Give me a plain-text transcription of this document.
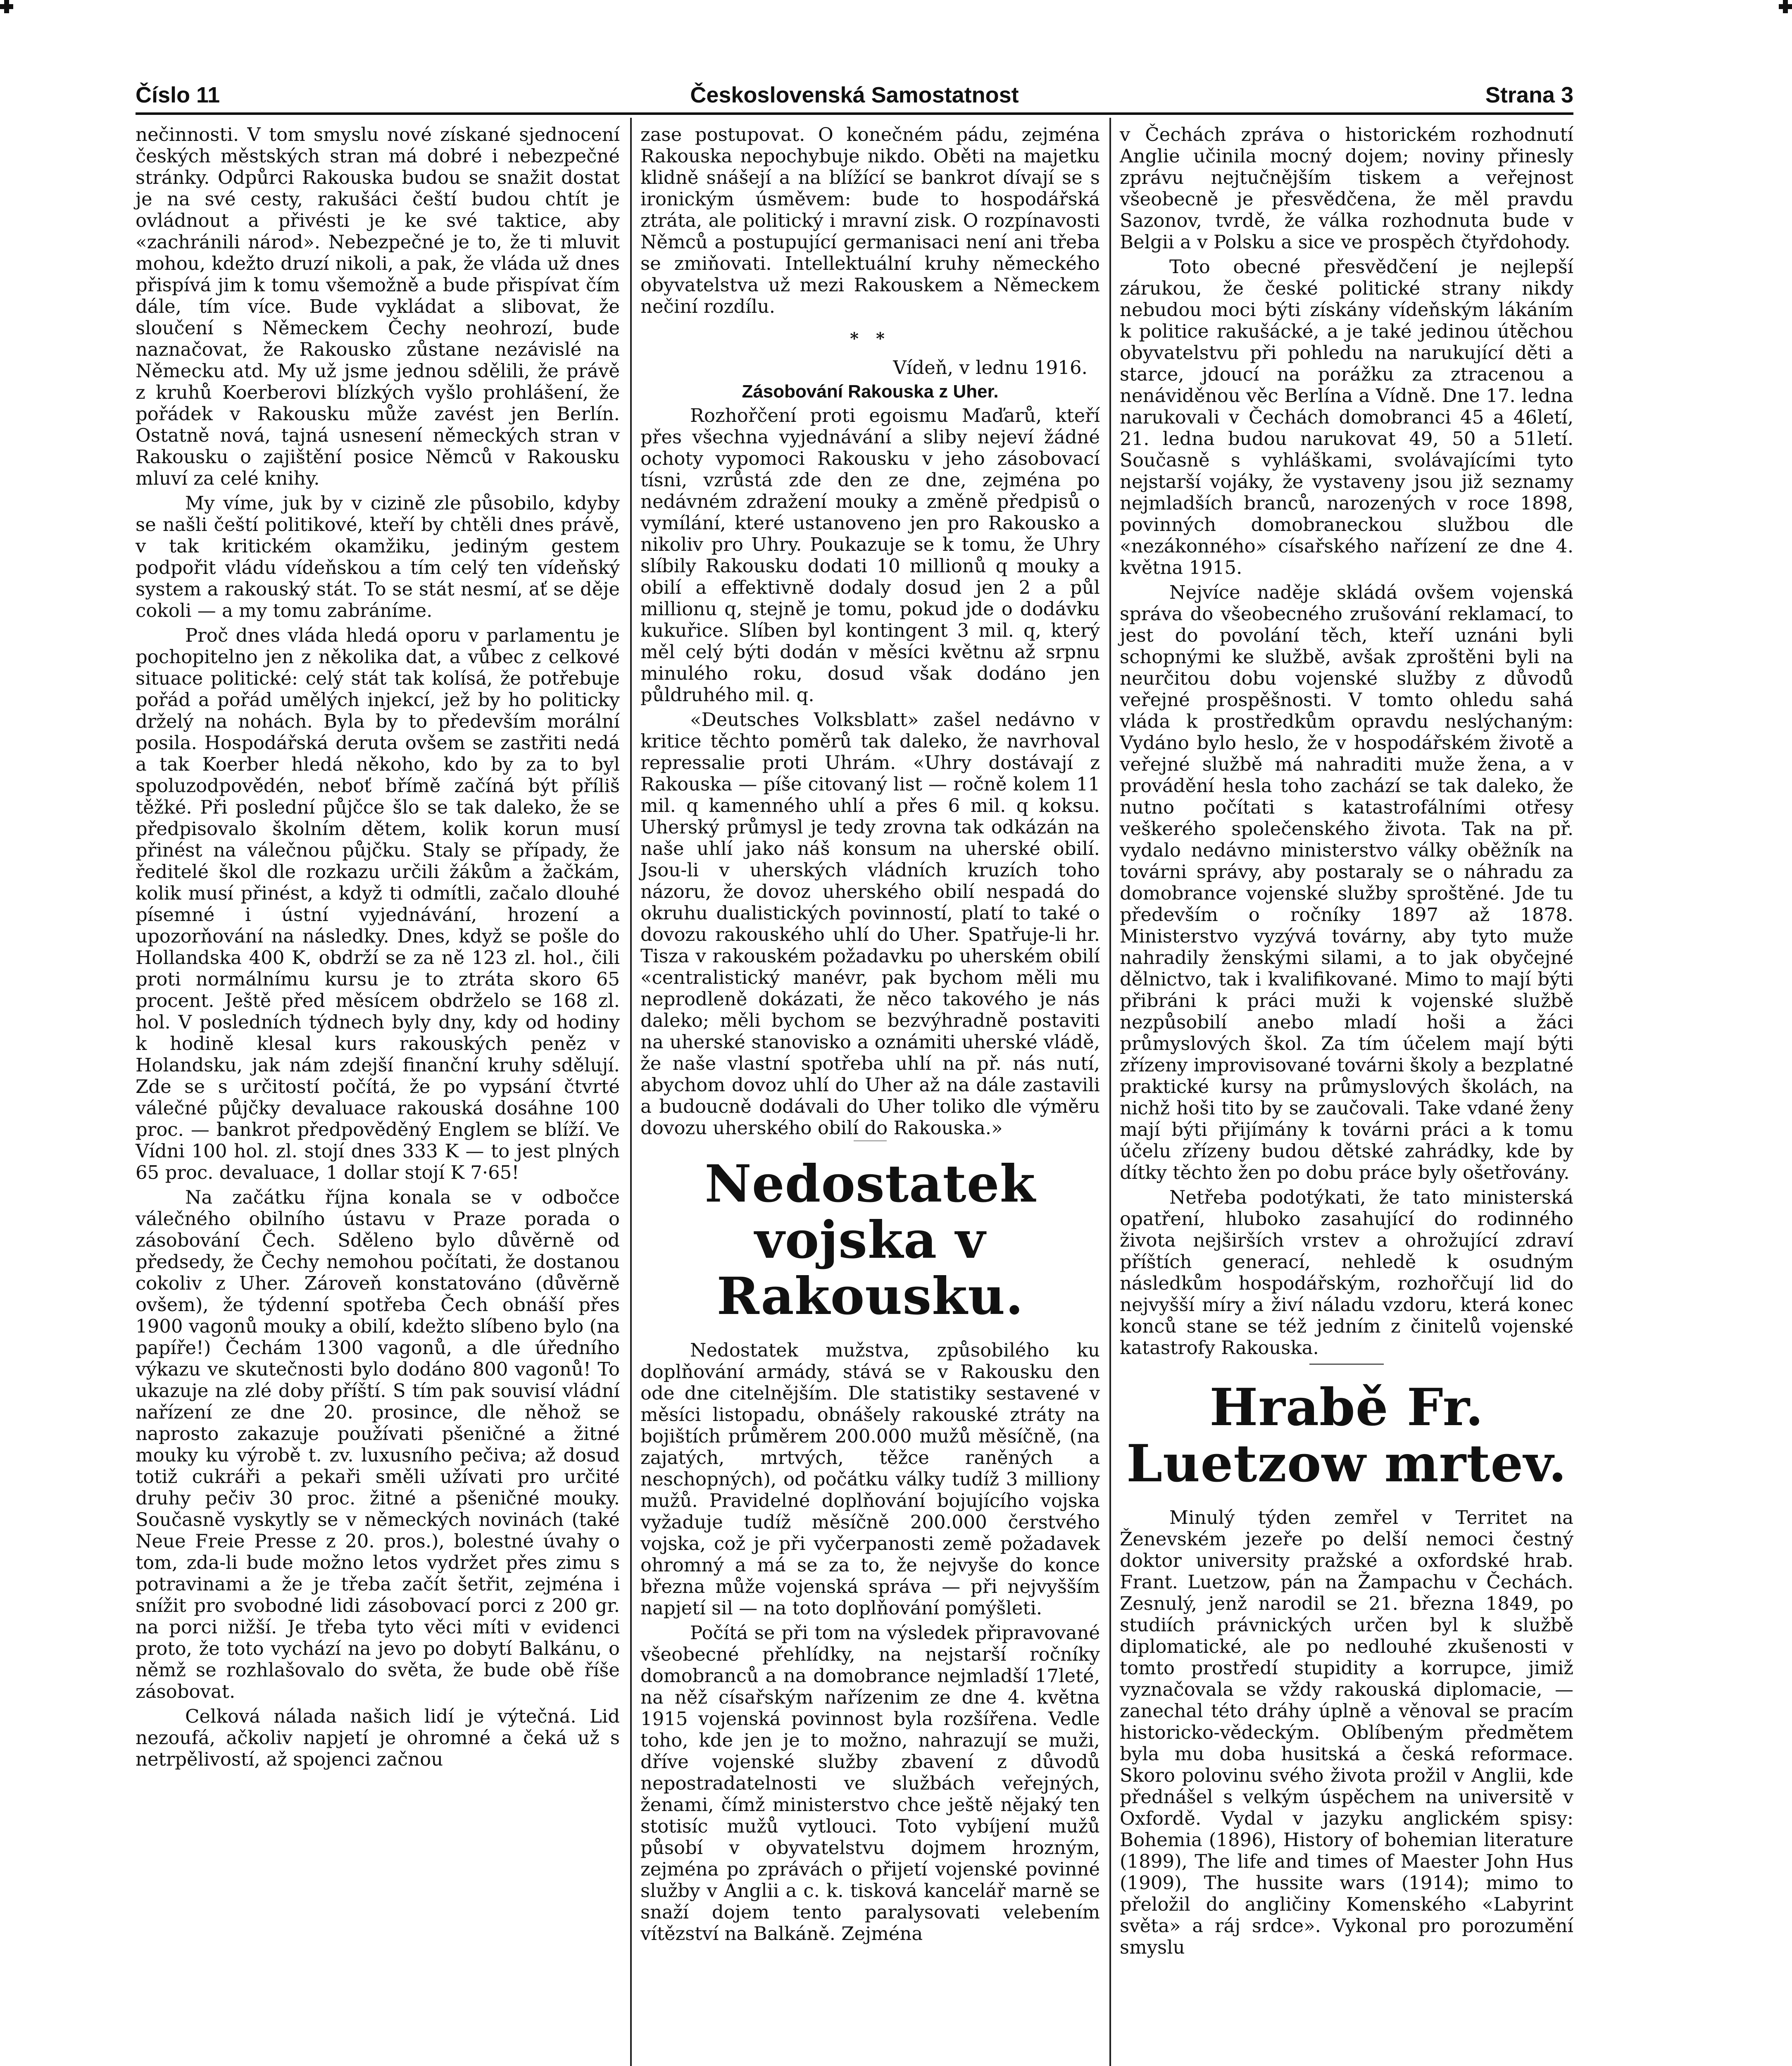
Číslo 11	Československá Samostatnost	Strana 3

nečinnosti. V tom smyslu nové získané sjednocení českých městských stran má dobré i nebezpečné stránky. Odpůrci Rakouska budou se snažit dostat je na své cesty, rakušáci čeští budou chtít je ovládnout a přivésti je ke své taktice, aby «zachránili národ». Nebezpečné je to, že ti mluvit mohou, kdežto druzí nikoli, a pak, že vláda už dnes přispívá jim k tomu všemožně a bude přispívat čím dále, tím více. Bude vykládat a slibovat, že sloučení s Německem Čechy neohrozí, bude naznačovat, že Rakousko zůstane nezávislé na Německu atd. My už jsme jednou sdělili, že právě z kruhů Koerberovi blízkých vyšlo prohlášení, že pořádek v Rakousku může zavést jen Berlín. Ostatně nová, tajná usnesení německých stran v Rakousku o zajištění posice Němců v Rakousku mluví za celé knihy.

My víme, juk by v cizině zle působilo, kdyby se našli čeští politikové, kteří by chtěli dnes právě, v tak kritickém okamžiku, jediným gestem podpořit vládu vídeňskou a tím celý ten vídeňský system a rakouský stát. To se stát nesmí, ať se děje cokoli — a my tomu zabráníme.

Proč dnes vláda hledá oporu v parlamentu je pochopitelno jen z několika dat, a vůbec z celkové situace politické: celý stát tak kolísá, že potřebuje pořád a pořád umělých injekcí, jež by ho politicky drželý na nohách. Byla by to především morální posila. Hospodářská deruta ovšem se zastřiti nedá a tak Koerber hledá někoho, kdo by za to byl spoluzodpovědén, neboť břímě začíná být příliš těžké. Při poslední půjčce šlo se tak daleko, že se předpisovalo školním dětem, kolik korun musí přinést na válečnou půjčku. Staly se případy, že ředitelé škol dle rozkazu určili žákům a žačkám, kolik musí přinést, a když ti odmítli, začalo dlouhé písemné i ústní vyjednávání, hrození a upozorňování na následky. Dnes, když se pošle do Hollandska 400 K, obdrží se za ně 123 zl. hol., čili proti normálnímu kursu je to ztráta skoro 65 procent. Ještě před měsícem obdrželo se 168 zl. hol. V posledních týdnech byly dny, kdy od hodiny k hodině klesal kurs rakouských peněz v Holandsku, jak nám zdejší finanční kruhy sdělují. Zde se s určitostí počítá, že po vypsání čtvrté válečné půjčky devaluace rakouská dosáhne 100 proc. — bankrot předpověděný Englem se blíží. Ve Vídni 100 hol. zl. stojí dnes 333 K — to jest plných 65 proc. devaluace, 1 dollar stojí K 7·65!

Na začátku října konala se v odbočce válečného obilního ústavu v Praze porada o zásobování Čech. Sděleno bylo důvěrně od předsedy, že Čechy nemohou počítati, že dostanou cokoliv z Uher. Zároveň konstatováno (důvěrně ovšem), že týdenní spotřeba Čech obnáší přes 1900 vagonů mouky a obilí, kdežto slíbeno bylo (na papíře!) Čechám 1300 vagonů, a dle úředního výkazu ve skutečnosti bylo dodáno 800 vagonů! To ukazuje na zlé doby příští. S tím pak souvisí vládní nařízení ze dne 20. prosince, dle něhož se naprosto zakazuje používati pšeničné a žitné mouky ku výrobě t. zv. luxusního pečiva; až dosud totiž cukráři a pekaři směli užívati pro určité druhy pečiv 30 proc. žitné a pšeničné mouky. Současně vyskytly se v německých novinách (také Neue Freie Presse z 20. pros.), bolestné úvahy o tom, zda-li bude možno letos vydržet přes zimu s potravinami a že je třeba začít šetřit, zejména i snížit pro svobodné lidi zásobovací porci z 200 gr. na porci nižší. Je třeba tyto věci míti v evidenci proto, že toto vychází na jevo po dobytí Balkánu, o němž se rozhlašovalo do světa, že bude obě říše zásobovat.

Celková nálada našich lidí je výtečná. Lid nezoufá, ačkoliv napjetí je ohromné a čeká už s netrpělivostí, až spojenci začnou

zase postupovat. O konečném pádu, zejména Rakouska nepochybuje nikdo. Oběti na majetku klidně snášejí a na blížící se bankrot dívají se s ironickým úsměvem: bude to hospodářská ztráta, ale politický i mravní zisk. O rozpínavosti Němců a postupující germanisaci není ani třeba se zmiňovati. Intellektuální kruhy německého obyvatelstva už mezi Rakouskem a Německem nečiní rozdílu.

* *
Vídeň, v lednu 1916.
Zásobování Rakouska z Uher.

Rozhořčení proti egoismu Maďarů, kteří přes všechna vyjednávání a sliby nejeví žádné ochoty vypomoci Rakousku v jeho zásobovací tísni, vzrůstá zde den ze dne, zejména po nedávném zdražení mouky a změně předpisů o vymílání, které ustanoveno jen pro Rakousko a nikoliv pro Uhry. Poukazuje se k tomu, že Uhry slíbily Rakousku dodati 10 millionů q mouky a obilí a effektivně dodaly dosud jen 2 a půl millionu q, stejně je tomu, pokud jde o dodávku kukuřice. Slíben byl kontingent 3 mil. q, který měl celý býti dodán v měsíci květnu až srpnu minulého roku, dosud však dodáno jen půldruhého mil. q.

«Deutsches Volksblatt» zašel nedávno v kritice těchto poměrů tak daleko, že navrhoval repressalie proti Uhrám. «Uhry dostávají z Rakouska — píše citovaný list — ročně kolem 11 mil. q kamenného uhlí a přes 6 mil. q koksu. Uherský průmysl je tedy zrovna tak odkázán na naše uhlí jako náš konsum na uherské obilí. Jsou-li v uherských vládních kruzích toho názoru, že dovoz uherského obilí nespadá do okruhu dualistických povinností, platí to také o dovozu rakouského uhlí do Uher. Spatřuje-li hr. Tisza v rakouském požadavku po uherském obilí «centralistický manévr, pak bychom měli mu neprodleně dokázati, že něco takového je nás daleko; měli bychom se bezvýhradně postaviti na uherské stanovisko a oznámiti uherské vládě, že naše vlastní spotřeba uhlí na př. nás nutí, abychom dovoz uhlí do Uher až na dále zastavili a budoucně dodávali do Uher toliko dle výměru dovozu uherského obilí do Rakouska.»

Nedostatek vojska v Rakousku.

Nedostatek mužstva, způsobilého ku doplňování armády, stává se v Rakousku den ode dne citelnějším. Dle statistiky sestavené v měsíci listopadu, obnášely rakouské ztráty na bojištích průměrem 200.000 mužů měsíčně, (na zajatých, mrtvých, těžce raněných a neschopných), od počátku války tudíž 3 milliony mužů. Pravidelné doplňování bojujícího vojska vyžaduje tudíž měsíčně 200.000 čerstvého vojska, což je při vyčerpanosti země požadavek ohromný a má se za to, že nejvyše do konce března může vojenská správa — při nejvyšším napjetí sil — na toto doplňování pomýšleti.

Počítá se při tom na výsledek připravované všeobecné přehlídky, na nejstarší ročníky domobranců a na domobrance nejmladší 17leté, na něž císařským nařízenim ze dne 4. května 1915 vojenská povinnost byla rozšířena. Vedle toho, kde jen je to možno, nahrazují se muži, dříve vojenské služby zbavení z důvodů nepostradatelnosti ve službách veřejných, ženami, čímž ministerstvo chce ještě nějaký ten stotisíc mužů vytlouci. Toto vybíjení mužů působí v obyvatelstvu dojmem hrozným, zejména po zprávách o přijetí vojenské povinné služby v Anglii a c. k. tisková kancelář marně se snaží dojem tento paralysovati velebením vítězství na Balkáně. Zejména

v Čechách zpráva o historickém rozhodnutí Anglie učinila mocný dojem; noviny přinesly zprávu nejtučnějším tiskem a veřejnost všeobecně je přesvědčena, že měl pravdu Sazonov, tvrdě, že válka rozhodnuta bude v Belgii a v Polsku a sice ve prospěch čtyřdohody.

Toto obecné přesvědčení je nejlepší zárukou, že české politické strany nikdy nebudou moci býti získány vídeňským lákáním k politice rakušácké, a je také jedinou útěchou obyvatelstvu při pohledu na narukující děti a starce, jdoucí na porážku za ztracenou a nenáviděnou věc Berlína a Vídně. Dne 17. ledna narukovali v Čechách domobranci 45 a 46letí, 21. ledna budou narukovat 49, 50 a 51letí. Současně s vyhláškami, svolávajícími tyto nejstarší vojáky, že vystaveny jsou již seznamy nejmladších branců, narozených v roce 1898, povinných domobraneckou službou dle «nezákonného» císařského nařízení ze dne 4. května 1915.

Nejvíce naděje skládá ovšem vojenská správa do všeobecného zrušování reklamací, to jest do povolání těch, kteří uznáni byli schopnými ke službě, avšak zproštěni byli na neurčitou dobu vojenské služby z důvodů veřejné prospěšnosti. V tomto ohledu sahá vláda k prostředkům opravdu neslýchaným: Vydáno bylo heslo, že v hospodářském životě a veřejné službě má nahraditi muže žena, a v provádění hesla toho zachází se tak daleko, že nutno počítati s katastrofálními otřesy veškerého společenského života. Tak na př. vydalo nedávno ministerstvo války oběžník na továrni správy, aby postaraly se o náhradu za domobrance vojenské služby sproštěné. Jde tu především o ročníky 1897 až 1878. Ministerstvo vyzývá továrny, aby tyto muže nahradily ženskými silami, a to jak obyčejné dělnictvo, tak i kvalifikované. Mimo to mají býti přibráni k práci muži k vojenské službě nezpůsobilí anebo mladí hoši a žáci průmyslových škol. Za tím účelem mají býti zřízeny improvisované továrni školy a bezplatné praktické kursy na průmyslových školách, na nichž hoši tito by se zaučovali. Take vdané ženy mají býti přijímány k továrni práci a k tomu účelu zřízeny budou dětské zahrádky, kde by dítky těchto žen po dobu práce byly ošetřovány.

Netřeba podotýkati, že tato ministerská opatření, hluboko zasahující do rodinného života nejširších vrstev a ohrožující zdraví příštích generací, nehledě k osudným následkům hospodářským, rozhořčují lid do nejvyšší míry a živí náladu vzdoru, která konec konců stane se též jedním z činitelů vojenské katastrofy Rakouska.

Hrabě Fr. Luetzow mrtev.

Minulý týden zemřel v Territet na Ženevském jezeře po delší nemoci čestný doktor university pražské a oxfordské hrab. Frant. Luetzow, pán na Žampachu v Čechách. Zesnulý, jenž narodil se 21. března 1849, po studiích právnických určen byl k službě diplomatické, ale po nedlouhé zkušenosti v tomto prostředí stupidity a korrupce, jimiž vyznačovala se vždy rakouská diplomacie, — zanechal této dráhy úplně a věnoval se pracím historicko-vědeckým. Oblíbeným předmětem byla mu doba husitská a česká reformace. Skoro polovinu svého života prožil v Anglii, kde přednášel s velkým úspěchem na universitě v Oxfordě. Vydal v jazyku anglickém spisy: Bohemia (1896), History of bohemian literature (1899), The life and times of Maester John Hus (1909), The hussite wars (1914); mimo to přeložil do angličiny Komenského «Labyrint světa» a ráj srdce». Vykonal pro porozumění smyslu
